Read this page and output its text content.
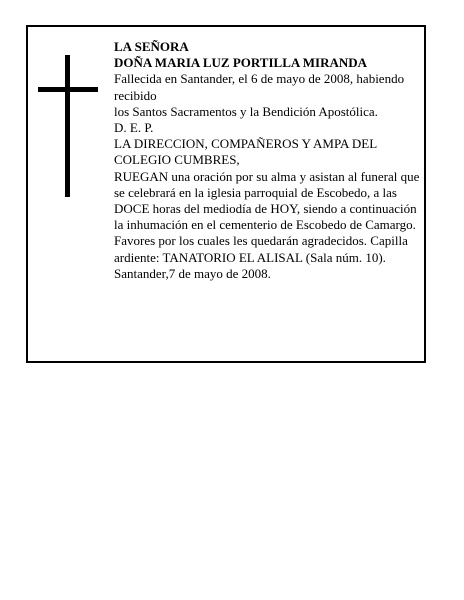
LA SEÑORA

DOÑA MARIA LUZ PORTILLA MIRANDA

Fallecida en Santander, el 6 de mayo de 2008, habiendo recibido

los Santos Sacramentos y la Bendición Apostólica.

D. E. P.

LA DIRECCION, COMPAÑEROS Y AMPA DEL COLEGIO CUMBRES,

RUEGAN una oración por su alma y asistan al funeral que se celebrará en la iglesia parroquial de Escobedo, a las DOCE horas del mediodía de HOY, siendo a continuación la inhumación en el cementerio de Escobedo de Camargo. Favores por los cuales les quedarán agradecidos. Capilla ardiente: TANATORIO EL ALISAL (Sala núm. 10).

Santander,7 de mayo de 2008.
